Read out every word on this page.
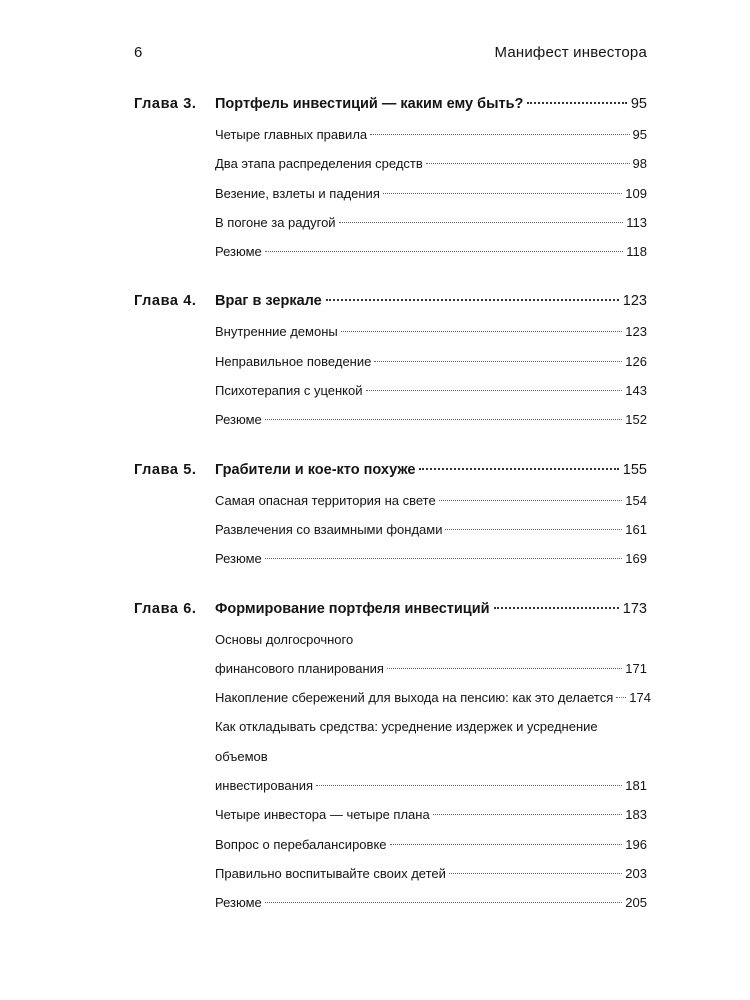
6	Манифест инвестора
Глава 3.	Портфель инвестиций — каким ему быть?	95
Четыре главных правила	95
Два этапа распределения средств	98
Везение, взлеты и падения	109
В погоне за радугой	113
Резюме	118
Глава 4.	Враг в зеркале	123
Внутренние демоны	123
Неправильное поведение	126
Психотерапия с уценкой	143
Резюме	152
Глава 5.	Грабители и кое-кто похуже	155
Самая опасная территория на свете	154
Развлечения со взаимными фондами	161
Резюме	169
Глава 6.	Формирование портфеля инвестиций	173
Основы долгосрочного
финансового планирования	171
Накопление сбережений для выхода на пенсию: как это делается 174
Как откладывать средства: усреднение издержек и усреднение объемов
инвестирования	181
Четыре инвестора — четыре плана	183
Вопрос о перебалансировке	196
Правильно воспитывайте своих детей	203
Резюме	205
